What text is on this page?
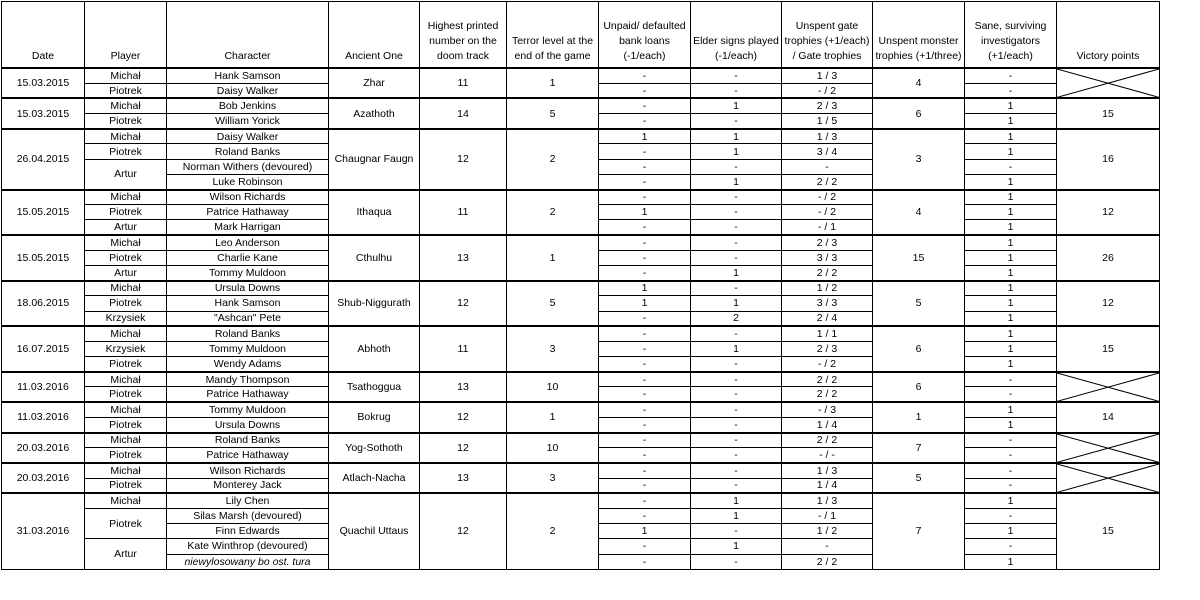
Date	Player	Character	Ancient One	Highest printed number on the doom track	Terror level at the end of the game	Unpaid/ defaulted bank loans (-1/each)	Elder signs played (-1/each)	Unspent gate trophies (+1/each) / Gate trophies	Unspent monster trophies (+1/three)	Sane, surviving investigators (+1/each)	Victory points
15.03.2015	Michał	Hank Samson	Zhar	11	1	-	-	1 / 3	4	-	

	Piotrek	Daisy Walker				-	-	- / 2		-	
15.03.2015	Michał	Bob Jenkins	Azathoth	14	5	-	1	2 / 3	6	1	15
	Piotrek	William Yorick				-	-	1 / 5		1	
26.04.2015	Michał	Daisy Walker	Chaugnar Faugn	12	2	1	1	1 / 3	3	1	16
	Piotrek	Roland Banks				-	1	3 / 4		1	
	Artur	Norman Withers (devoured)				-	-	-		-	
		Luke Robinson				-	1	2 / 2		1	
15.05.2015	Michał	Wilson Richards	Ithaqua	11	2	-	-	- / 2	4	1	12
	Piotrek	Patrice Hathaway				1	-	- / 2		1	
	Artur	Mark Harrigan				-	-	- / 1		1	
15.05.2015	Michał	Leo Anderson	Cthulhu	13	1	-	-	2 / 3	15	1	26
	Piotrek	Charlie Kane				-	-	3 / 3		1	
	Artur	Tommy Muldoon				-	1	2 / 2		1	
18.06.2015	Michał	Ursula Downs	Shub-Niggurath	12	5	1	-	1 / 2	5	1	12
	Piotrek	Hank Samson				1	1	3 / 3		1	
	Krzysiek	"Ashcan" Pete				-	2	2 / 4		1	
16.07.2015	Michał	Roland Banks	Abhoth	11	3	-	-	1 / 1	6	1	15
	Krzysiek	Tommy Muldoon				-	1	2 / 3		1	
	Piotrek	Wendy Adams				-	-	- / 2		1	
11.03.2016	Michał	Mandy Thompson	Tsathoggua	13	10	-	-	2 / 2	6	-	

	Piotrek	Patrice Hathaway				-	-	2 / 2		-	
11.03.2016	Michał	Tommy Muldoon	Bokrug	12	1	-	-	- / 3	1	1	14
	Piotrek	Ursula Downs				-	-	1 / 4		1	
20.03.2016	Michał	Roland Banks	Yog-Sothoth	12	10	-	-	2 / 2	7	-	

	Piotrek	Patrice Hathaway				-	-	- / -		-	
20.03.2016	Michał	Wilson Richards	Atlach-Nacha	13	3	-	-	1 / 3	5	-	

	Piotrek	Monterey Jack				-	-	1 / 4		-	
31.03.2016	Michał	Lily Chen	Quachil Uttaus	12	2	-	1	1 / 3	7	1	15
	Piotrek	Silas Marsh (devoured)				-	1	- / 1		-	
		Finn Edwards				1	-	1 / 2		1	
	Artur	Kate Winthrop (devoured)				-	1	-		-	
		niewylosowany bo ost. tura				-	-	2 / 2		1	
